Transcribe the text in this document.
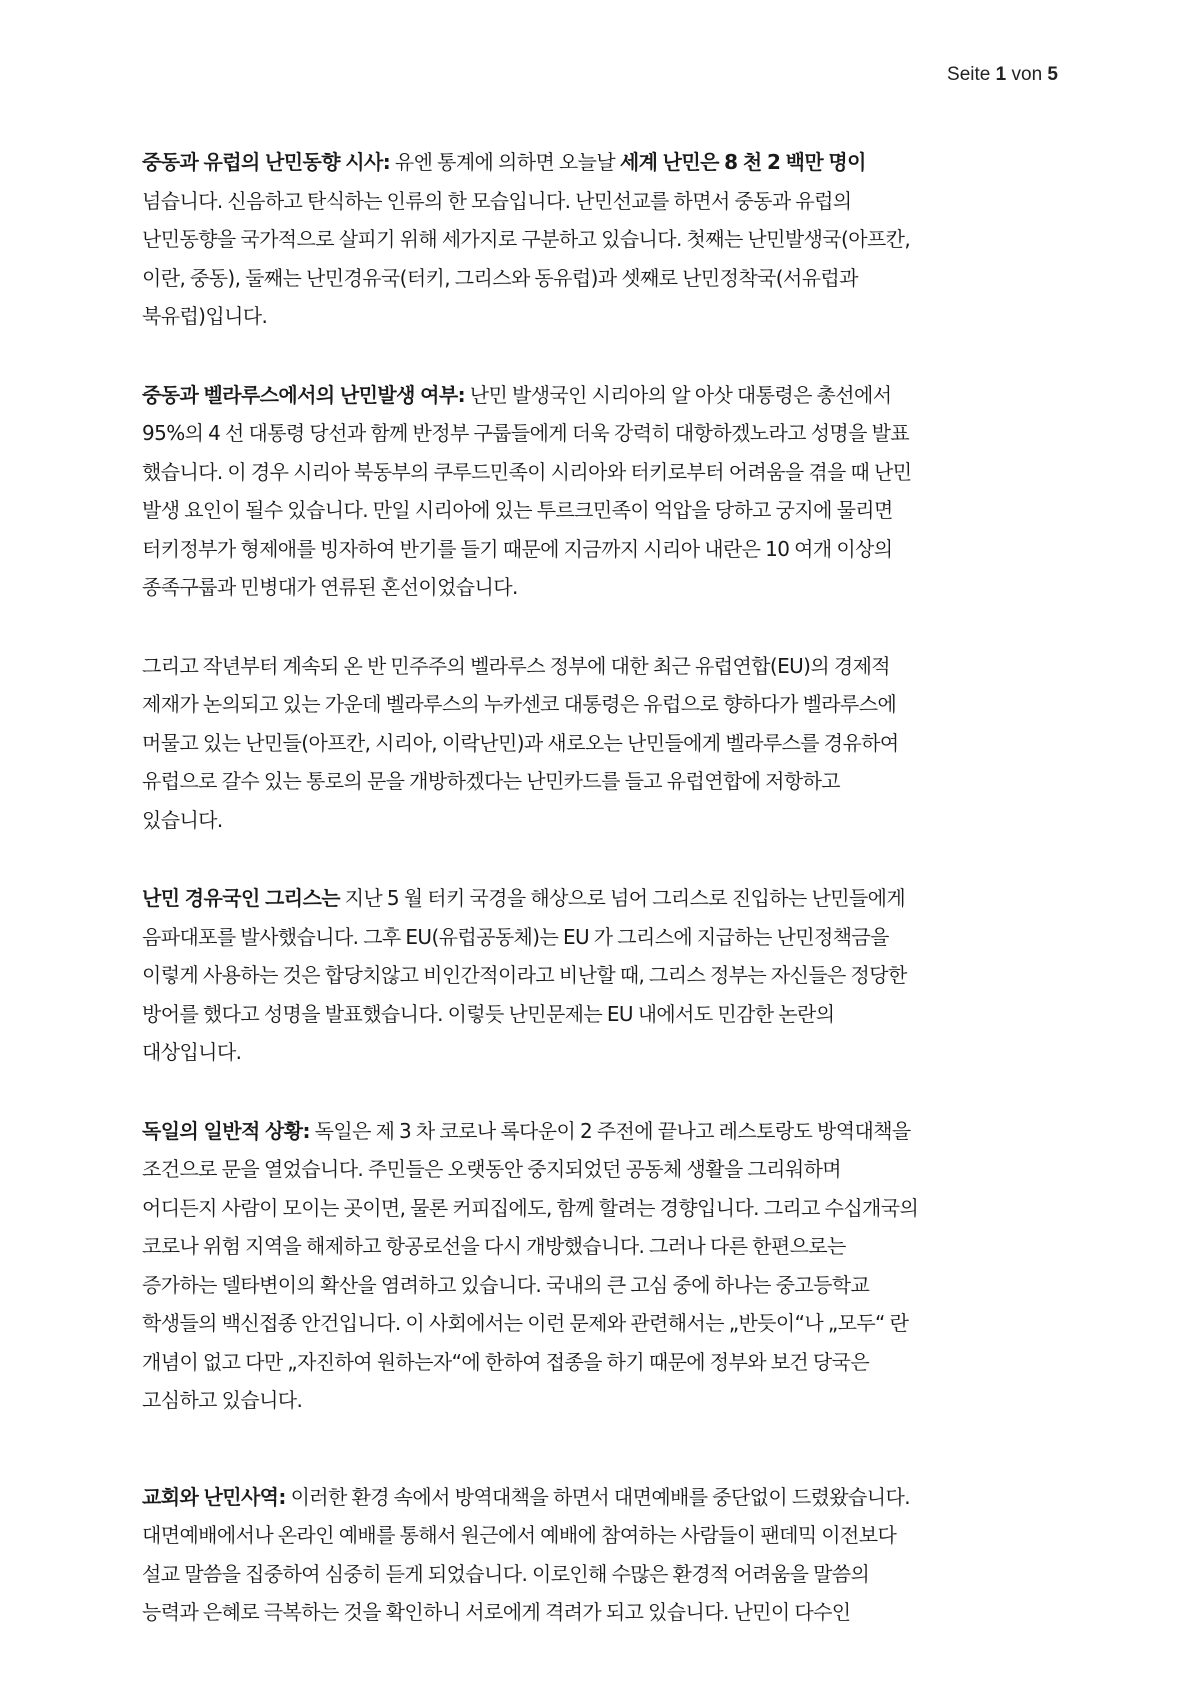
Seite 1 von 5

중동과 유럽의 난민동향 시사: 유엔 통계에 의하면 오늘날 세계 난민은 8 천 2 백만 명이
넘습니다. 신음하고 탄식하는 인류의 한 모습입니다. 난민선교를 하면서 중동과 유럽의
난민동향을 국가적으로 살피기 위해 세가지로 구분하고 있습니다. 첫째는 난민발생국(아프칸,
이란, 중동), 둘째는 난민경유국(터키, 그리스와 동유럽)과 셋째로 난민정착국(서유럽과
북유럽)입니다.

중동과 벨라루스에서의 난민발생 여부: 난민 발생국인 시리아의 알 아삿 대통령은 총선에서
95%의 4 선 대통령 당선과 함께 반정부 구룹들에게 더욱 강력히 대항하겠노라고 성명을 발표
했습니다. 이 경우 시리아 북동부의 쿠루드민족이 시리아와 터키로부터 어려움을 겪을 때 난민
발생 요인이 될수 있습니다. 만일 시리아에 있는 투르크민족이 억압을 당하고 궁지에 물리면
터키정부가 형제애를 빙자하여 반기를 들기 때문에 지금까지 시리아 내란은 10 여개 이상의
종족구룹과 민병대가 연류된 혼선이었습니다.

그리고 작년부터 계속되 온 반 민주주의 벨라루스 정부에 대한 최근 유럽연합(EU)의 경제적
제재가 논의되고 있는 가운데 벨라루스의 누카센코 대통령은 유럽으로 향하다가 벨라루스에
머물고 있는 난민들(아프칸, 시리아, 이락난민)과 새로오는 난민들에게 벨라루스를 경유하여
유럽으로 갈수 있는 통로의 문을 개방하겠다는 난민카드를 들고 유럽연합에 저항하고
있습니다.

난민 경유국인 그리스는 지난 5 월 터키 국경을 해상으로 넘어 그리스로 진입하는 난민들에게
음파대포를 발사했습니다. 그후 EU(유럽공동체)는 EU 가 그리스에 지급하는 난민정책금을
이렇게 사용하는 것은 합당치않고 비인간적이라고 비난할 때, 그리스 정부는 자신들은 정당한
방어를 했다고 성명을 발표했습니다. 이렇듯 난민문제는 EU 내에서도 민감한 논란의
대상입니다.

독일의 일반적 상황: 독일은 제 3 차 코로나 록다운이 2 주전에 끝나고 레스토랑도 방역대책을
조건으로 문을 열었습니다. 주민들은 오랫동안 중지되었던 공동체 생활을 그리워하며
어디든지 사람이 모이는 곳이면, 물론 커피집에도, 함께 할려는 경향입니다. 그리고 수십개국의
코로나 위험 지역을 해제하고 항공로선을 다시 개방했습니다. 그러나 다른 한편으로는
증가하는 델타변이의 확산을 염려하고 있습니다. 국내의 큰 고심 중에 하나는 중고등학교
학생들의 백신접종 안건입니다. 이 사회에서는 이런 문제와 관련해서는 „반듯이“나 „모두“ 란
개념이 없고 다만 „자진하여 원하는자“에 한하여 접종을 하기 때문에 정부와 보건 당국은
고심하고 있습니다.

교회와 난민사역: 이러한 환경 속에서 방역대책을 하면서 대면예배를 중단없이 드렸왔습니다.
대면예배에서나 온라인 예배를 통해서 원근에서 예배에 참여하는 사람들이 팬데믹 이전보다
설교 말씀을 집중하여 심중히 듣게 되었습니다. 이로인해 수많은 환경적 어려움을 말씀의
능력과 은혜로 극복하는 것을 확인하니 서로에게 격려가 되고 있습니다. 난민이 다수인
